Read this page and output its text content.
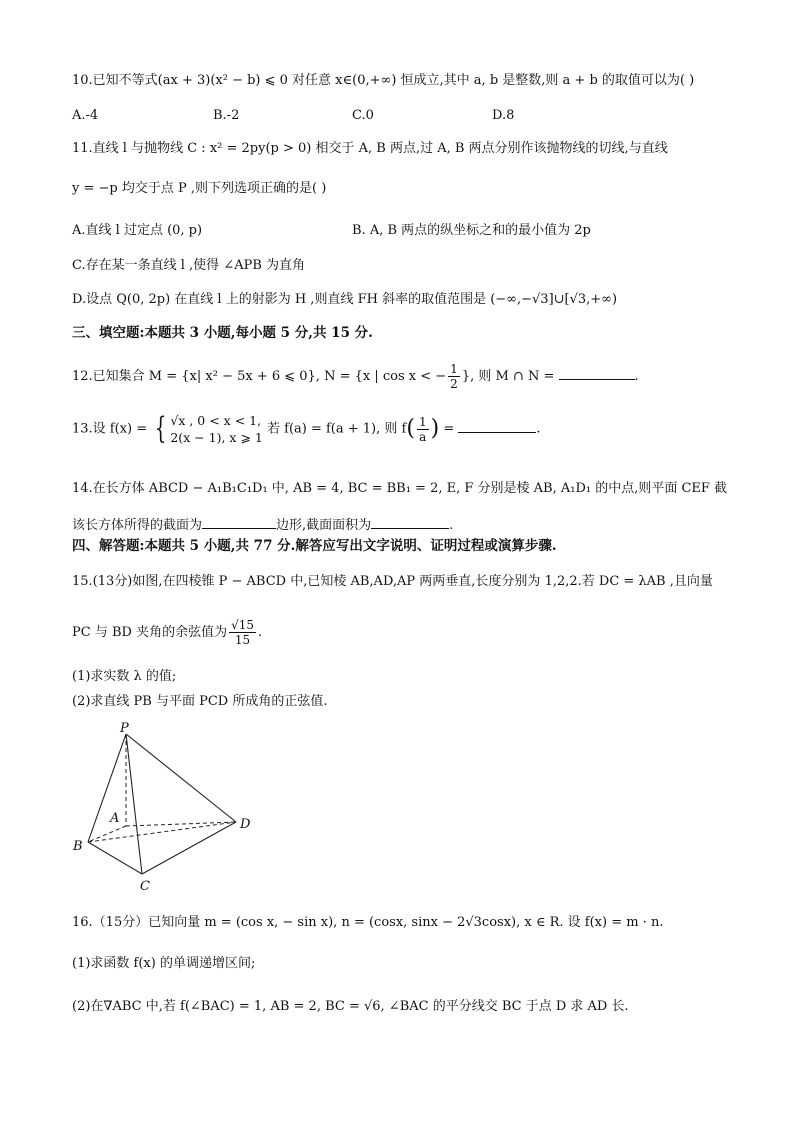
10.已知不等式(ax + 3)(x² − b) ⩽ 0 对任意 x∈(0,+∞) 恒成立,其中 a, b 是整数,则 a + b 的取值可以为( )
A.-4	B.-2	C.0	D.8
11.直线 l 与抛物线 C : x² = 2py(p > 0) 相交于 A, B 两点,过 A, B 两点分别作该抛物线的切线,与直线
y = −p 均交于点 P ,则下列选项正确的是( )
A.直线 l 过定点 (0, p)	B. A, B 两点的纵坐标之和的最小值为 2p
C.存在某一条直线 l ,使得 ∠APB 为直角
D.设点 Q(0, 2p) 在直线 l 上的射影为 H ,则直线 FH 斜率的取值范围是 (−∞,−√3]∪[√3,+∞)
三、填空题:本题共 3 小题,每小题 5 分,共 15 分.
12.已知集合 M = {x| x² − 5x + 6 ⩽ 0}, N = {x | cos x < − $\frac{1}{2}$ }, 则 M ∩ N =	.
13.设 f(x) = { √x , 0 < x < 1,
2(x − 1), x ⩾ 1
若 f(a) = f(a + 1), 则 $f( \frac{1}{a}$ ) =	.
14.在长方体 ABCD − A₁B₁C₁D₁ 中, AB = 4, BC = BB₁ = 2, E, F 分别是棱 AB, A₁D₁ 的中点,则平面 CEF 截
该长方体所得的截面为	边形,截面面积为	.
四、解答题:本题共 5 小题,共 77 分.解答应写出文字说明、证明过程或演算步骤.
15.(13分)如图,在四棱锥 P − ABCD 中,已知棱 AB,AD,AP 两两垂直,长度分别为 1,2,2.若 DC = λAB ,且向量
PC 与 BD 夹角的余弦值为 $\frac{√15}{15}$ .
(1)求实数 λ 的值;
(2)求直线 PB 与平面 PCD 所成角的正弦值.
P
A	D
B
C
16.（15分）已知向量 m = (cos x, − sin x), n = (cosx, sinx − 2√3cosx), x ∈ R. 设 f(x) = m · n.
(1)求函数 f(x) 的单调递增区间;
(2)在∇ABC 中,若 f(∠BAC) = 1, AB = 2, BC = √6, ∠BAC 的平分线交 BC 于点 D 求 AD 长.
